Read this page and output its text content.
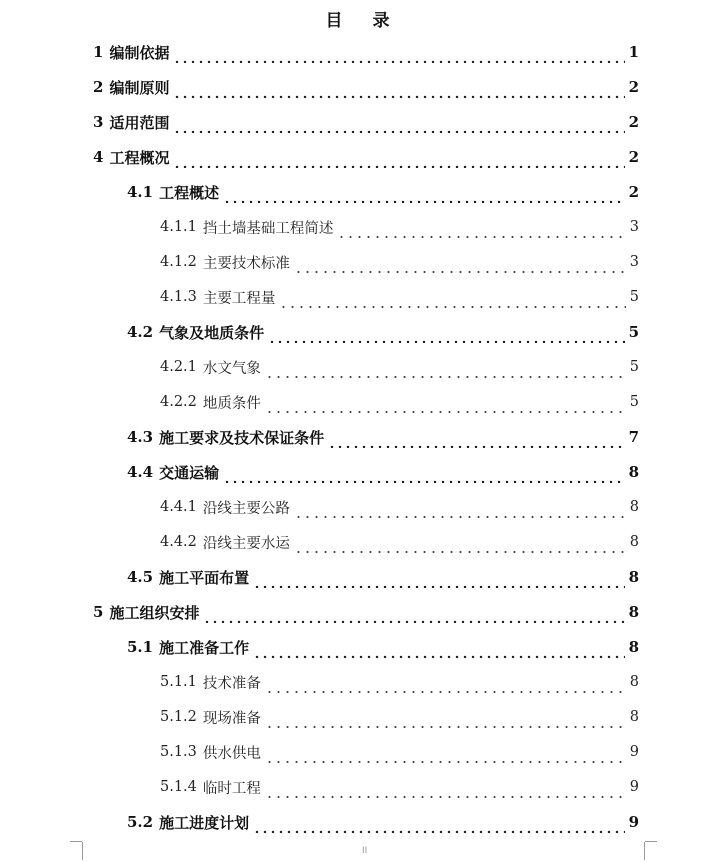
目 录
1 编制依据	1
2 编制原则	2
3 适用范围	2
4 工程概况	2
4.1 工程概述	2
4.1.1 挡土墙基础工程简述	3
4.1.2 主要技术标准	3
4.1.3 主要工程量	5
4.2 气象及地质条件	5
4.2.1 水文气象	5
4.2.2 地质条件	5
4.3 施工要求及技术保证条件	7
4.4 交通运输	8
4.4.1 沿线主要公路	8
4.4.2 沿线主要水运	8
4.5 施工平面布置	8
5 施工组织安排	8
5.1 施工准备工作	8
5.1.1 技术准备	8
5.1.2 现场准备	8
5.1.3 供水供电	9
5.1.4 临时工程	9
5.2 施工进度计划	9
II
